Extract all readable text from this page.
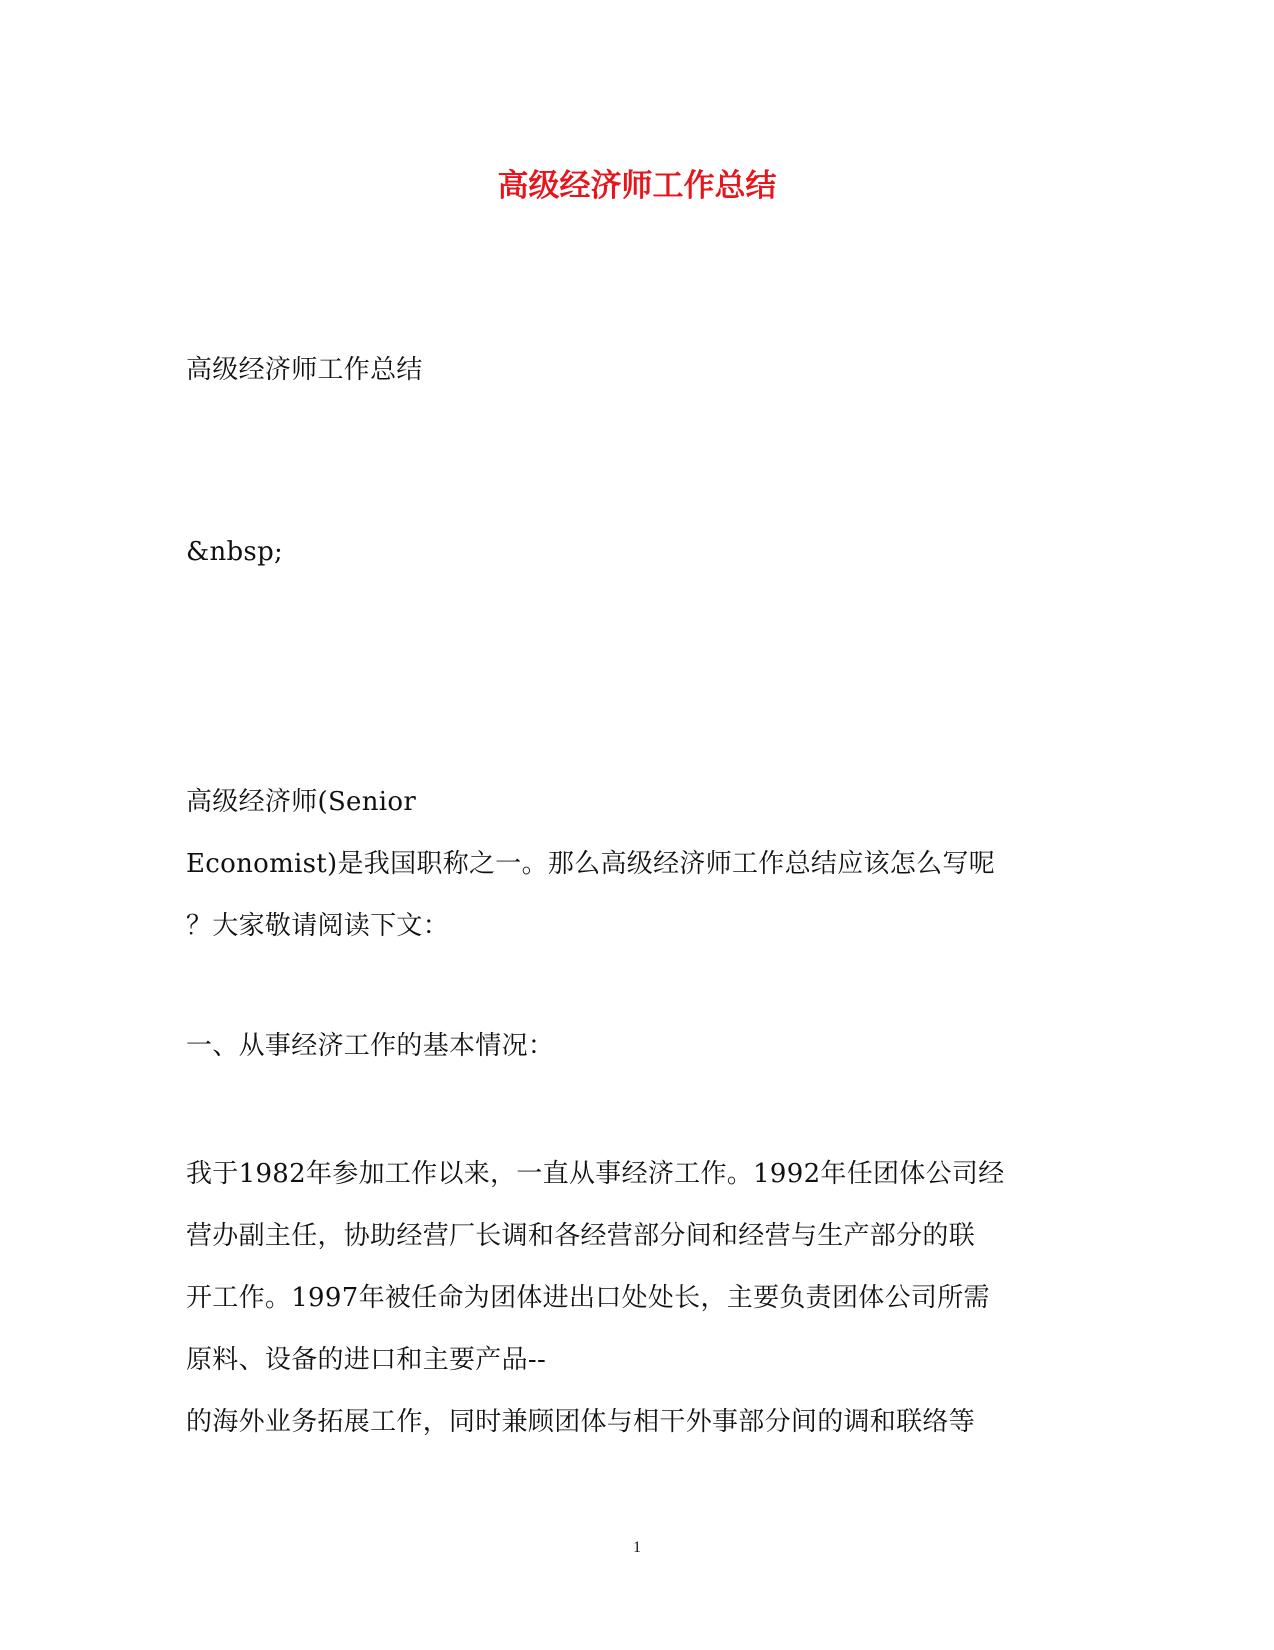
高级经济师工作总结
高级经济师工作总结
&nbsp;
高级经济师(Senior
Economist)是我国职称之一。那么高级经济师工作总结应该怎么写呢
？大家敬请阅读下文：
一、从事经济工作的基本情况：
我于1982年参加工作以来，一直从事经济工作。1992年任团体公司经
营办副主任，协助经营厂长调和各经营部分间和经营与生产部分的联
开工作。1997年被任命为团体进出口处处长，主要负责团体公司所需
原料、设备的进口和主要产品--
的海外业务拓展工作，同时兼顾团体与相干外事部分间的调和联络等
1
